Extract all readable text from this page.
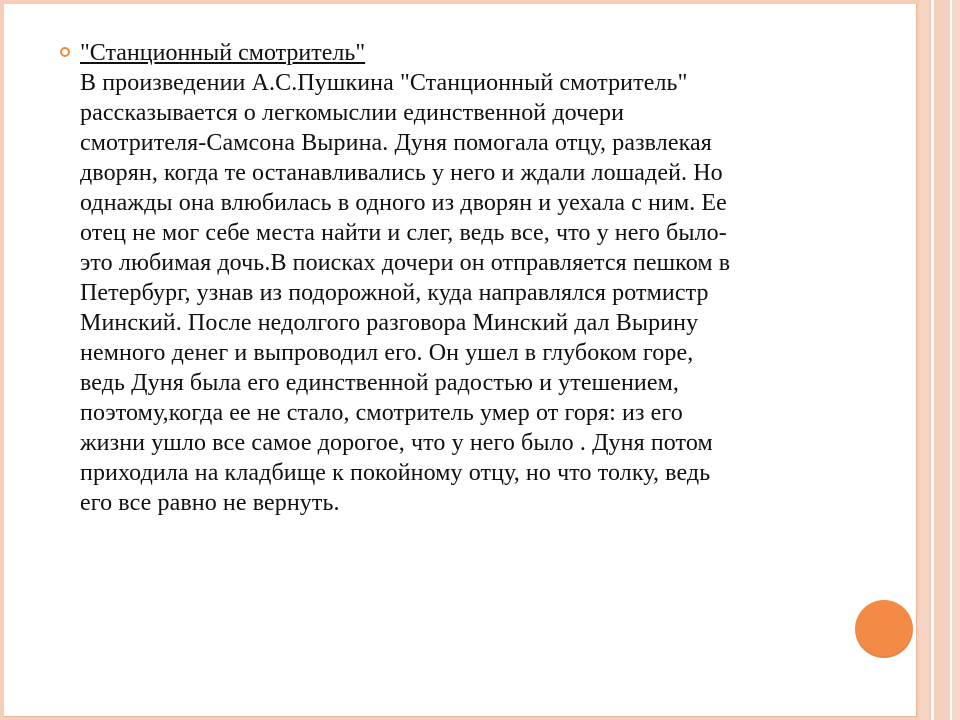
"Станционный смотритель"

В произведении А.С.Пушкина "Станционный смотритель"
рассказывается о легкомыслии единственной дочери
смотрителя-Самсона Вырина. Дуня помогала отцу, развлекая
дворян, когда те останавливались у него и ждали лошадей. Но
однажды она влюбилась в одного из дворян и уехала с ним. Ее
отец не мог себе места найти и слег, ведь все, что у него было-
это любимая дочь.В поисках дочери он отправляется пешком в
Петербург, узнав из подорожной, куда направлялся ротмистр
Минский. После недолгого разговора Минский дал Вырину
немного денег и выпроводил его. Он ушел в глубоком горе,
ведь Дуня была его единственной радостью и утешением,
поэтому,когда ее не стало, смотритель умер от горя: из его
жизни ушло все самое дорогое, что у него было . Дуня потом
приходила на кладбище к покойному отцу, но что толку, ведь
его все равно не вернуть.
